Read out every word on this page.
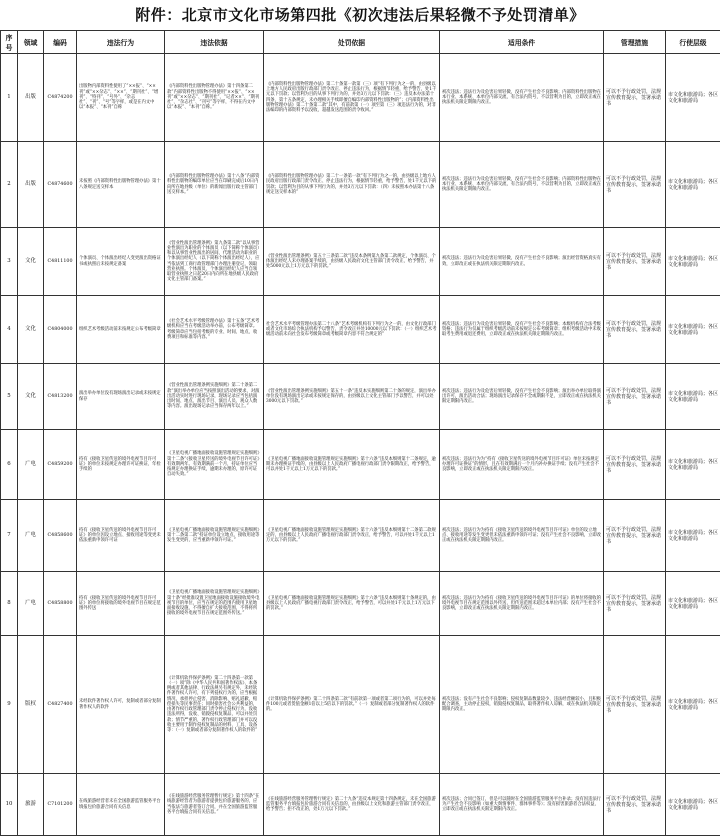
附件：北京市文化市场第四批《初次违法后果轻微不予处罚清单》
序号	领域	编码	违法行为	违法依据	处罚依据	适用条件	管理措施	行使层级
1	出版	C4874200	出版物内部资料性使用了“××报”、“××刊”或“××杂志”、“××”、“期刊社”、“增刊”、“特刊”、“号外”、“杂志社”、“刊”、“号”等字样，或是在内文中以“本报”、“本刊”自称	《内部资料性出版物管理办法》第十四条第二款“内部资料性出版物不得使用“××报”、“××刊”或“××杂志”、“期刊社”、“记者××”、“期刊社”、“杂志社”、“刊号”等字样，不得在内文中以“本报”、“本刊”自称。”	《内部资料性出版物管理办法》第二十条第一款第（三）项“有下列行为之一的，由县级以上地方人民政府出版行政部门责令改正、停止违法行为，根据情节轻重，给予警告，处1千元以下罚款；以营利为目的从事下列行为的，并处3万元以下罚款：（三）违反本办法第十四条、第十五条规定，未办理相关手续即擅自编印内部资料性出版物的”；《内部资料性出版物管理办法》第二十条第二款“其中，有前款第（一）项至第（三）项违法行为的，对非法编印的内部资料予以没收，超越发送范围的责令收回。”	初次违法；违法行为及危害后果轻微，没有产生社会不良影响；内部资料性出版物在本行业、本系统、本单位内部交流，有合法内资号，不以营利为目的，立即改正或在执法机关限定期限内改正。	可以不予行政处罚，法规宣传教育提示，签署承诺书	市文化和旅游局；各区文化和旅游局
2	出版	C4874600	未按照《内部资料性出版物管理办法》第十八条规定送交样本	《内部资料性出版物管理办法》第十八条“内部资料性出版物的编印单位应当在印刷完成后10日内向所在地县级（单位）的新闻出版行政主管部门送交样本。”	《内部资料性出版物管理办法》第二十一条第一款“有下列行为之一的，由县级以上地方人民政府出版行政部门责令改正、停止违法行为，根据情节轻重，给予警告，处1千元以下的罚款；以营利为目的从事下列行为的，并处3万元以下罚款：（四）未按照本办法第十八条规定送交样本的”	初次违法；违法行为及危害后果轻微，没有产生社会不良影响；内部资料性出版物在本行业、本系统、本单位内部交流，有合法内资号，不以营利为目的，立即改正或在执法机关限定期限内改正。	可以不予行政处罚，法规宣传教育提示，签署承诺书	市文化和旅游局；各区文化和旅游局
3	文化	C4811100	个体演员、个体演出经纪人变更演出资格证书或执照后未按规定备案	《营业性演出管理条例》第九条第二款“以从事营业性演出为职业的个体演员（以下简称个体演员）和以从事营业性演出的居间、代理活动为职业的个体演出经纪人（以下简称个体演出经纪人），应当依法到工商行政管理部门办理注册登记，领取营业执照。个体演员、个体演出经纪人应当自领取营业执照之日起20日内向所在地县级人民政府文化主管部门备案。”	《营业性演出管理条例》第五十三条第二款“违反本条例第九条第二款规定，个体演员、个体演出经纪人未办理备案手续的，由县级人民政府文化主管部门责令改正，给予警告，并处5000元以上1万元以下的罚款。”	初次违法；违法行为及危害后果轻微，没有产生社会不良影响；演出经营资格真实有效，立即改正或在执法机关限定期限内改正。	可以不予行政处罚，法规宣传教育提示，签署承诺书	市文化和旅游局；各区文化和旅游局
4	文化	C4804000	组织艺术考级活动前未按规定公布考级简章	《社会艺术水平考级管理办法》第十五条“艺术考级机构应当在考级活动举办前，公布考级简章。考级简章应当包括考级的专业、时间、地点、收费项目和标准等内容。”	社会艺术水平考级管理办法第二十八条“艺术考级机构有下列行为之一的，由文化行政部门或者文化市场综合执法机构予以警告，责令改正并处10000元以下罚款：（一）组织艺术考级活动前未向社会发布考级简章或考级简章内容不符合规定的”	初次违法；违法行为及危害后果轻微，没有产生社会不良影响；本级机构有合法考级资格；违法行为仅属于组织考级活动前未按规定公布考级简章；组织考级活动中未收取考生费用或退还费用，立即改正或在执法机关限定期限内改正。	可以不予行政处罚，法规宣传教育提示，签署承诺书	市文化和旅游局；各区文化和旅游局
5	文化	C4813200	演出举办单位没有现场演出记录或未按规定保存	《营业性演出管理条例实施细则》第二十条第二款“演出举办单位应当按照演出活动的要求，对演出活动实时进行现场记录，现场记录应当包括演出时间、地点、演出节目、演出人员、观众人数等内容。演出现场记录应当保存两年以上。”	《营业性演出管理条例实施细则》第五十一条“违反本实施细则第二十条的规定，演出举办单位没有现场演出记录或未按规定保存的，由县级以上文化主管部门予以警告，并可以处3000元以下罚款。”	初次违法；违法行为及危害后果轻微，没有产生社会不良影响；演出举办单位取得演出许可，演出活动合法；现场演出记录保存不全或期限不足，立即改正或在执法机关限定期限内改正。	可以不予行政处罚，法规宣传教育提示，签署承诺书	市文化和旅游局；各区文化和旅游局
6	广电	C4859200	持有《接收卫星传送的境外电视节目许可证》的单位未按规定办理许可证换证、年检手续的	《卫星电视广播地面接收设施管理规定实施细则》第十二条“《接收卫星传送的境外电视节目许可证》有效期两年。有效期满前一个月，持证单位应当按规定办理换证手续，逾期未办理的，原许可证自动失效。”	《卫星电视广播地面接收设施管理规定实施细则》第十六条“违反本细则第十二条规定，逾期未办理换证手续的，由县级以上人民政府广播电视行政部门责令限期改正，给予警告，可以并处1千元以上1万元以下的罚款。”	初次违法；违法行为为“持有《接收卫星传送的境外电视节目许可证》单位未按规定办理许可证换证”的情形，且在有效期满后一个月内补办换证手续；没有产生社会不良影响，立即改正或在执法机关限定期限内改正。	可以不予行政处罚，法规宣传教育提示，签署承诺书	市文化和旅游局；各区文化和旅游局
7	广电	C4858600	持有《接收卫星传送的境外电视节目许可证》的单位因设立地点、接收用途等变更未依法重新申领许可证	《卫星电视广播地面接收设施管理规定实施细则》第十二条第二款“持证单位设立地点、接收用途等发生变更的，应当重新申领许可证。”	《卫星电视广播地面接收设施管理规定实施细则》第十六条“违反本细则第十二条第二款规定的，由县级以上人民政府广播电视行政部门责令改正，给予警告，可以并处1千元以上1万元以下的罚款。”	初次违法；违法行为为持有《接收卫星传送的境外电视节目许可证》单位的设立地点、接收用途等发生变更但未依法重新申领许可证；没有产生社会不良影响，立即改正或在执法机关限定期限内改正。	可以不予行政处罚，法规宣传教育提示，签署承诺书	市文化和旅游局；各区文化和旅游局
8	广电	C4858800	持有《接收卫星传送的境外电视节目许可证》的单位将接收的境外电视节目在规定范围外传送	《卫星电视广播地面接收设施管理规定实施细则》第十条“经批准设置卫星地面接收设施接收境外电视节目的单位，应当在规定的范围内使用卫星地面接收设施，不得擅自扩大接收范围，不得将所接收的境外电视节目在规定范围外传送。”	《卫星电视广播地面接收设施管理规定实施细则》第十六条“违反本细则第十条规定的，由县级以上人民政府广播电视行政部门责令改正，给予警告，可以并处1千元以上1万元以下的罚款。”	初次违法；违法行为为持有《接收卫星传送的境外电视节目许可证》的单位将接收的境外电视节目在规定范围以外传送，但传送范围未超过本单位内部；没有产生社会不良影响，立即改正或在执法机关限定期限内改正。	可以不予行政处罚，法规宣传教育提示，签署承诺书	市文化和旅游局；各区文化和旅游局
9	版权	C4827400	未经软件著作权人许可，复制或者部分复制著作权人的软件	《计算机软件保护条例》第二十四条第一款第（一）项“除《中华人民共和国著作权法》、本条例或者其他法律、行政法规另有规定外，未经软件著作权人许可，有下列侵权行为的，应当根据情况，承担停止侵害、消除影响、赔礼道歉、赔偿损失等民事责任；同时损害社会公共利益的，由著作权行政管理部门责令停止侵权行为，没收违法所得，没收、销毁侵权复制品，可以并处罚款；情节严重的，著作权行政管理部门并可以没收主要用于制作侵权复制品的材料、工具、设备等：（一）复制或者部分复制著作权人的软件的”	《计算机软件保护条例》第二十四条第二款“有前款第一项或者第二项行为的，可以并处每件100元或者货值金额1倍以上5倍以下的罚款。”（一）复制或者部分复制著作权人的软件的。	初次违法；没有产生社会不良影响；侵权复制品数量较少、违法经营额较小，且积极配合调查，主动停止侵权，销毁侵权复制品，取得著作权人谅解，或在执法机关限定期限内改正。	可以不予行政处罚，法规宣传教育提示，签署承诺书	市文化和旅游局；各区文化和旅游局
10	旅游	C7101200	在线旅游经营者未在全国旅游监管服务平台填报包价旅游合同有关信息	《在线旅游经营服务管理暂行规定》第十四条“在线旅游经营者为旅游者提供包价旅游服务的，应当依法与旅游者签订合同，并在全国旅游监管服务平台填报合同有关信息。”	《在线旅游经营服务管理暂行规定》第二十九条“违反本规定第十四条规定，未在全国旅游监管服务平台填报包价旅游合同有关信息的，由县级以上文化和旅游主管部门责令改正，给予警告；拒不改正的，处1万元以下罚款。”	初次违法；合同已签订，但是可以随时在全国旅游监管服务平台补录；没有因违法行为产生社会不良影响（如重大舆情事件、群体事件等）；没有损害旅游者合法权益，立即改正或在执法机关限定期限内改正。	可以不予行政处罚，法规宣传教育提示，签署承诺书	市文化和旅游局；各区文化和旅游局
